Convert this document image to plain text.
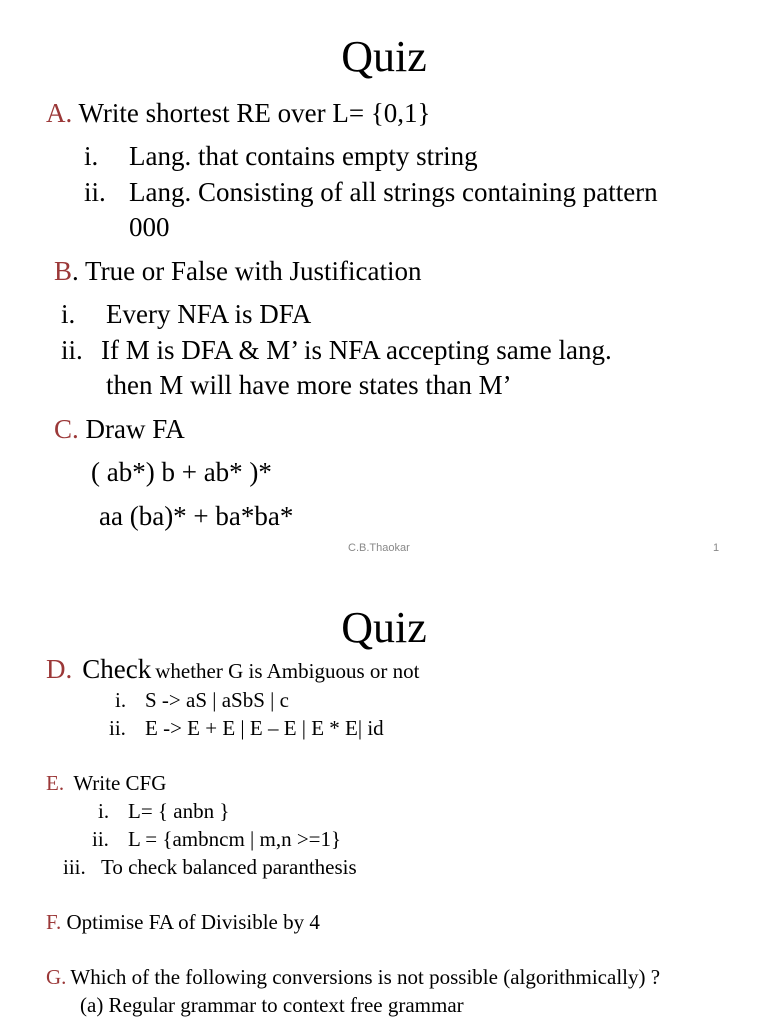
Quiz
A. Write shortest RE over L= {0,1}
i. Lang. that contains empty string
ii. Lang. Consisting of all strings containing pattern
000
B. True or False with Justification
i. Every NFA is DFA
ii. If M is DFA & M’ is NFA accepting same lang.
then M will have more states than M’
C. Draw FA
( ab*) b + ab* )*
aa (ba)* + ba*ba*
C.B.Thaokar	1
Quiz
D. Check whether G is Ambiguous or not
i. S -> aS | aSbS | c
ii. E -> E + E | E – E | E * E| id
E. Write CFG
i. L= { anbn }
ii. L = {ambncm | m,n >=1}
iii. To check balanced paranthesis
F. Optimise FA of Divisible by 4
G. Which of the following conversions is not possible (algorithmically) ?
(a) Regular grammar to context free grammar
